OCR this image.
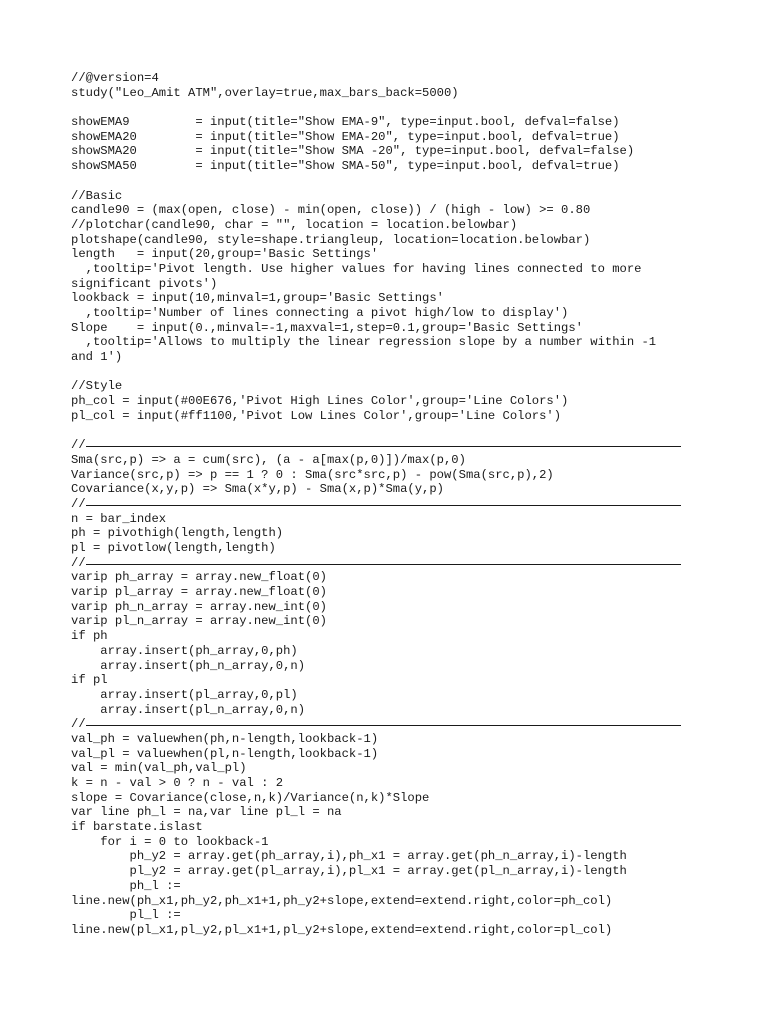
//@version=4
study("Leo_Amit ATM",overlay=true,max_bars_back=5000)
showEMA9         = input(title="Show EMA-9", type=input.bool, defval=false)
showEMA20        = input(title="Show EMA-20", type=input.bool, defval=true)
showSMA20        = input(title="Show SMA -20", type=input.bool, defval=false)
showSMA50        = input(title="Show SMA-50", type=input.bool, defval=true)
//Basic
candle90 = (max(open, close) - min(open, close)) / (high - low) >= 0.80
//plotchar(candle90, char = "", location = location.belowbar)
plotshape(candle90, style=shape.triangleup, location=location.belowbar)
length   = input(20,group='Basic Settings'
,tooltip='Pivot length. Use higher values for having lines connected to more
significant pivots')
lookback = input(10,minval=1,group='Basic Settings'
,tooltip='Number of lines connecting a pivot high/low to display')
Slope    = input(0.,minval=-1,maxval=1,step=0.1,group='Basic Settings'
,tooltip='Allows to multiply the linear regression slope by a number within -1
and 1')
//Style
ph_col = input(#00E676,'Pivot High Lines Color',group='Line Colors')
pl_col = input(#ff1100,'Pivot Low Lines Color',group='Line Colors')
//
Sma(src,p) => a = cum(src), (a - a[max(p,0)])/max(p,0)
Variance(src,p) => p == 1 ? 0 : Sma(src*src,p) - pow(Sma(src,p),2)
Covariance(x,y,p) => Sma(x*y,p) - Sma(x,p)*Sma(y,p)
//
n = bar_index
ph = pivothigh(length,length)
pl = pivotlow(length,length)
//
varip ph_array = array.new_float(0)
varip pl_array = array.new_float(0)
varip ph_n_array = array.new_int(0)
varip pl_n_array = array.new_int(0)
if ph
array.insert(ph_array,0,ph)
array.insert(ph_n_array,0,n)
if pl
array.insert(pl_array,0,pl)
array.insert(pl_n_array,0,n)
//
val_ph = valuewhen(ph,n-length,lookback-1)
val_pl = valuewhen(pl,n-length,lookback-1)
val = min(val_ph,val_pl)
k = n - val > 0 ? n - val : 2
slope = Covariance(close,n,k)/Variance(n,k)*Slope
var line ph_l = na,var line pl_l = na
if barstate.islast
for i = 0 to lookback-1
ph_y2 = array.get(ph_array,i),ph_x1 = array.get(ph_n_array,i)-length
pl_y2 = array.get(pl_array,i),pl_x1 = array.get(pl_n_array,i)-length
ph_l :=
line.new(ph_x1,ph_y2,ph_x1+1,ph_y2+slope,extend=extend.right,color=ph_col)
pl_l :=
line.new(pl_x1,pl_y2,pl_x1+1,pl_y2+slope,extend=extend.right,color=pl_col)
